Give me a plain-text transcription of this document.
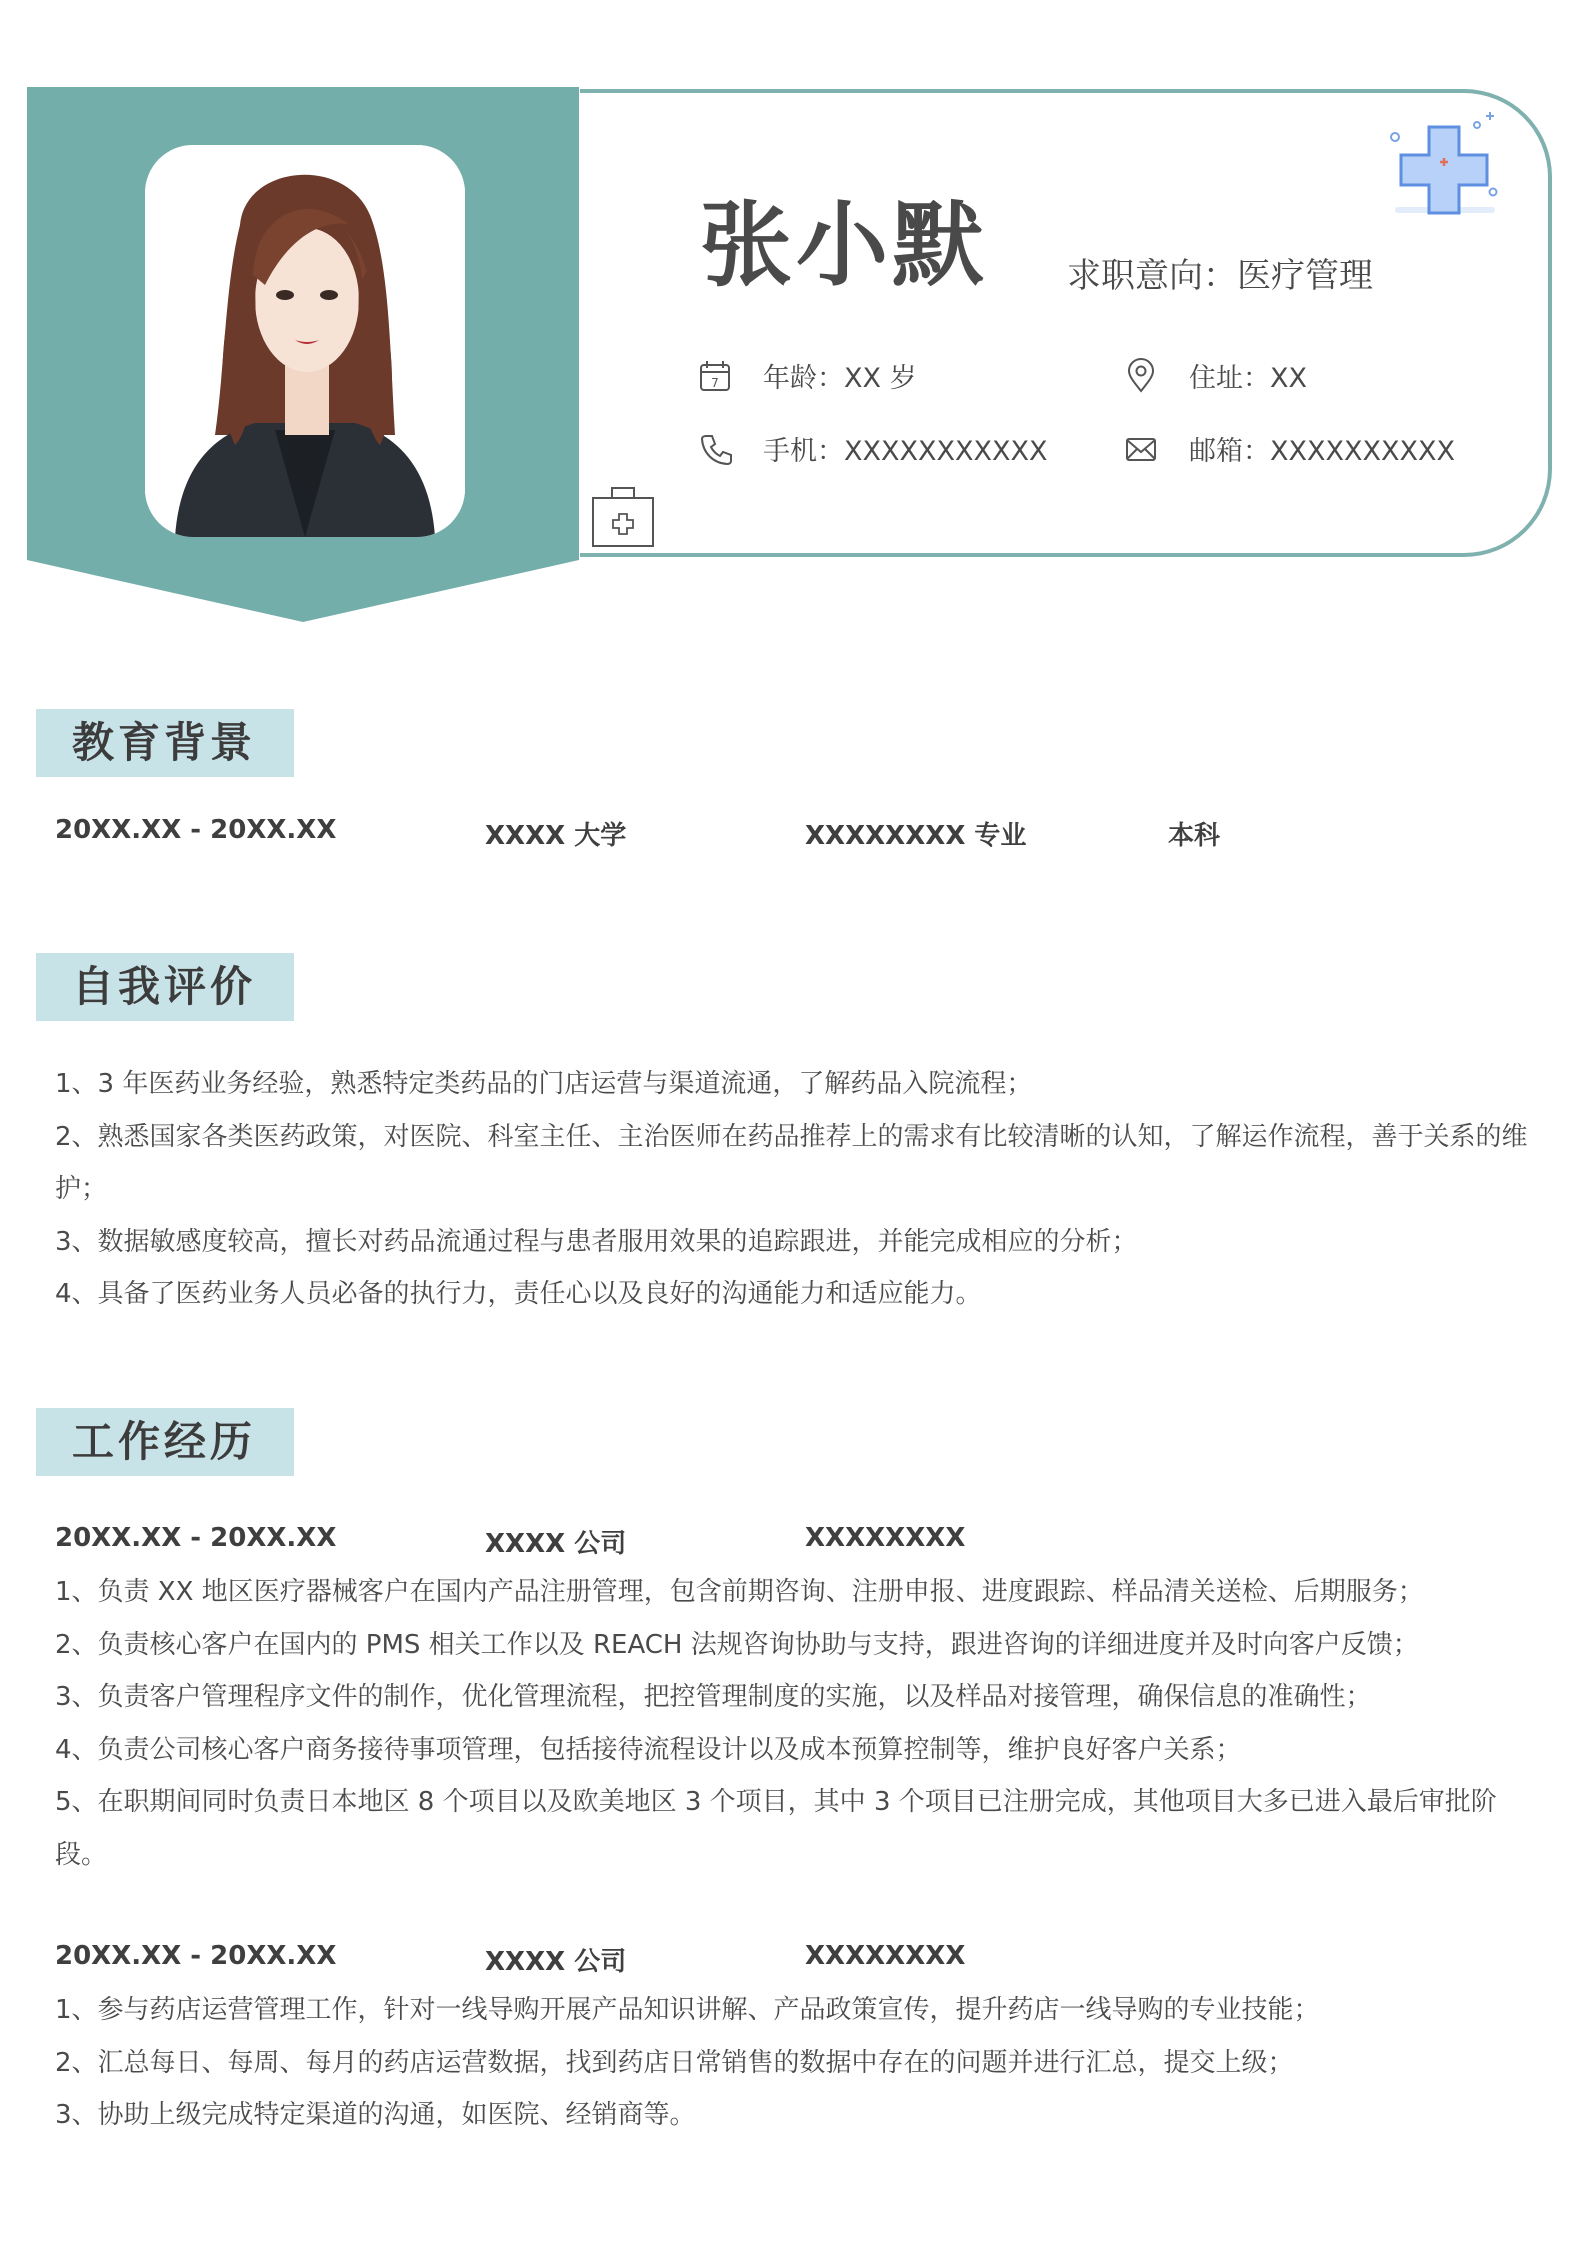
张小默 求职意向：医疗管理
7 年龄：XX 岁	住址：XX
手机：XXXXXXXXXXX	邮箱：XXXXXXXXXX
教育背景
20XX.XX - 20XX.XX	XXXX 大学	XXXXXXXX 专业	本科
自我评价

1、3 年医药业务经验，熟悉特定类药品的门店运营与渠道流通，了解药品入院流程；

2、熟悉国家各类医药政策，对医院、科室主任、主治医师在药品推荐上的需求有比较清晰的认知，了解运作流程，善于关系的维护；

3、数据敏感度较高，擅长对药品流通过程与患者服用效果的追踪跟进，并能完成相应的分析；

4、具备了医药业务人员必备的执行力，责任心以及良好的沟通能力和适应能力。

工作经历
20XX.XX - 20XX.XX	XXXX 公司	XXXXXXXX

1、负责 XX 地区医疗器械客户在国内产品注册管理，包含前期咨询、注册申报、进度跟踪、样品清关送检、后期服务；

2、负责核心客户在国内的 PMS 相关工作以及 REACH 法规咨询协助与支持，跟进咨询的详细进度并及时向客户反馈；

3、负责客户管理程序文件的制作，优化管理流程，把控管理制度的实施，以及样品对接管理，确保信息的准确性；

4、负责公司核心客户商务接待事项管理，包括接待流程设计以及成本预算控制等，维护良好客户关系；

5、在职期间同时负责日本地区 8 个项目以及欧美地区 3 个项目，其中 3 个项目已注册完成，其他项目大多已进入最后审批阶段。

20XX.XX - 20XX.XX	XXXX 公司	XXXXXXXX

1、参与药店运营管理工作，针对一线导购开展产品知识讲解、产品政策宣传，提升药店一线导购的专业技能；

2、汇总每日、每周、每月的药店运营数据，找到药店日常销售的数据中存在的问题并进行汇总，提交上级；

3、协助上级完成特定渠道的沟通，如医院、经销商等。
